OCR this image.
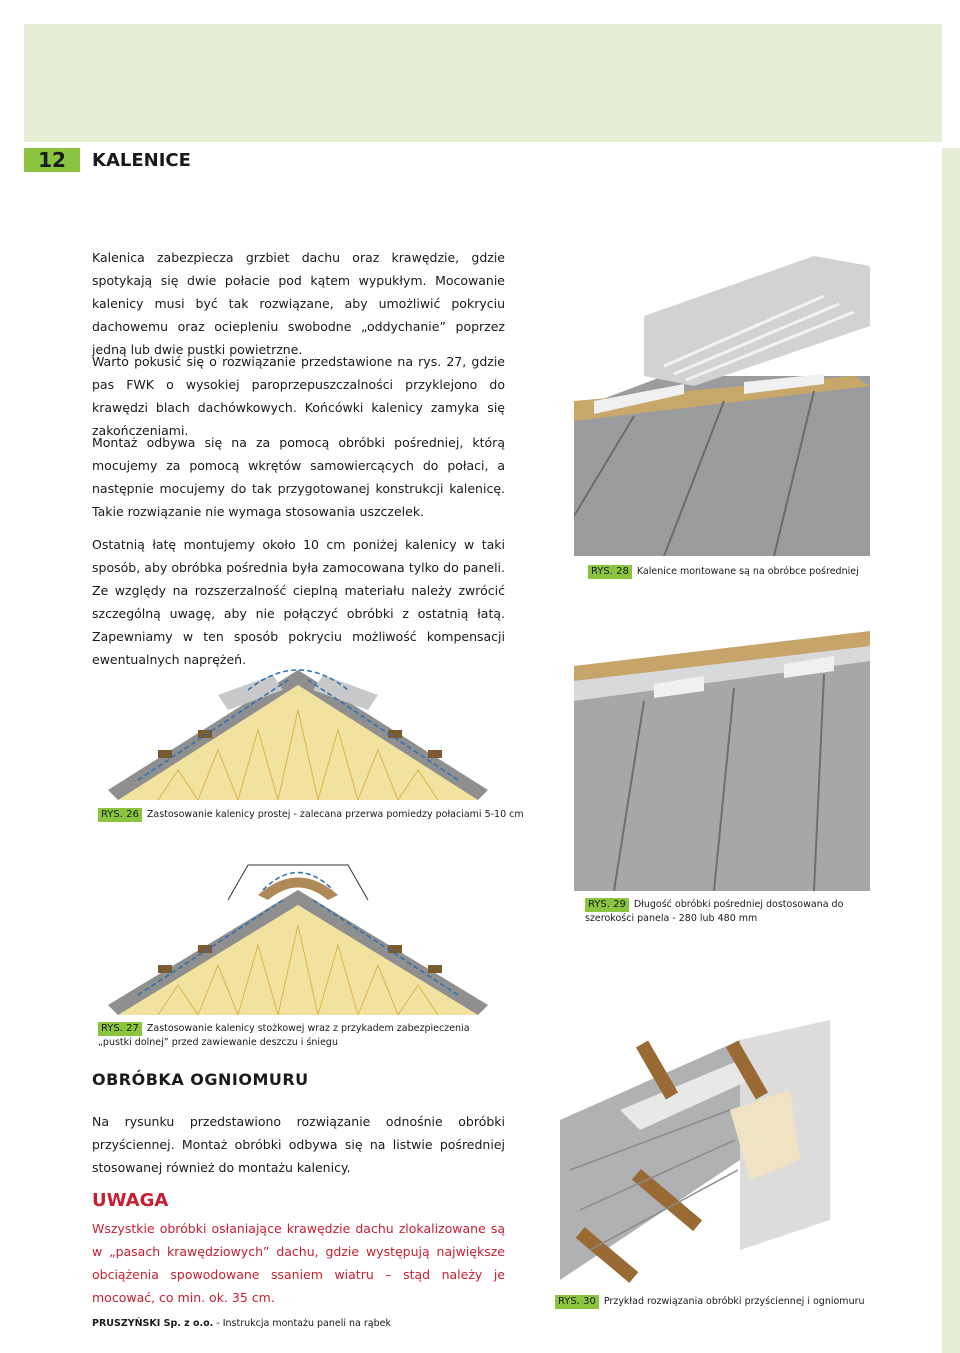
12	KALENICE

Kalenica zabezpiecza grzbiet dachu oraz krawędzie, gdzie spotykają się dwie połacie pod kątem wypukłym. Mocowanie kalenicy musi być tak rozwiązane, aby umożliwić pokryciu dachowemu oraz ociepleniu swobodne „oddychanie” poprzez jedną lub dwie pustki powietrzne.

Warto pokusić się o rozwiązanie przedstawione na rys. 27, gdzie pas FWK o wysokiej paroprzepuszczalności przyklejono do krawędzi blach dachówkowych. Końcówki kalenicy zamyka się zakończeniami.

Montaż odbywa się na za pomocą obróbki pośredniej, którą mocujemy za pomocą wkrętów samowiercących do połaci, a następnie mocujemy do tak przygotowanej konstrukcji kalenicę. Takie rozwiązanie nie wymaga stosowania uszczelek.

Ostatnią łatę montujemy około 10 cm poniżej kalenicy w taki sposób, aby obróbka pośrednia była zamocowana tylko do paneli. Ze względy na rozszerzalność cieplną materiału należy zwrócić szczególną uwagę, aby nie połączyć obróbki z ostatnią łatą. Zapewniamy w ten sposób pokryciu możliwość kompensacji ewentualnych naprężeń.

RYS. 28 Kalenice montowane są na obróbce pośredniej
RYS. 26 Zastosowanie kalenicy prostej - zalecana przerwa pomiedzy połaciami 5-10 cm
RYS. 29 Długość obróbki pośredniej dostosowana do szerokości panela - 280 lub 480 mm
RYS. 27 Zastosowanie kalenicy stożkowej wraz z przykadem zabezpieczenia „pustki dolnej” przed zawiewanie deszczu i śniegu
RYS. 30 Przykład rozwiązania obróbki przyściennej i ogniomuru
OBRÓBKA OGNIOMURU

Na rysunku przedstawiono rozwiązanie odnośnie obróbki przyściennej. Montaż obróbki odbywa się na listwie pośredniej stosowanej również do montażu kalenicy.

UWAGA

Wszystkie obróbki osłaniające krawędzie dachu zlokalizowane są w „pasach krawędziowych” dachu, gdzie występują największe obciążenia spowodowane ssaniem wiatru – stąd należy je mocować, co min. ok. 35 cm.

PRUSZYŃSKI Sp. z o.o. - Instrukcja montażu paneli na rąbek
